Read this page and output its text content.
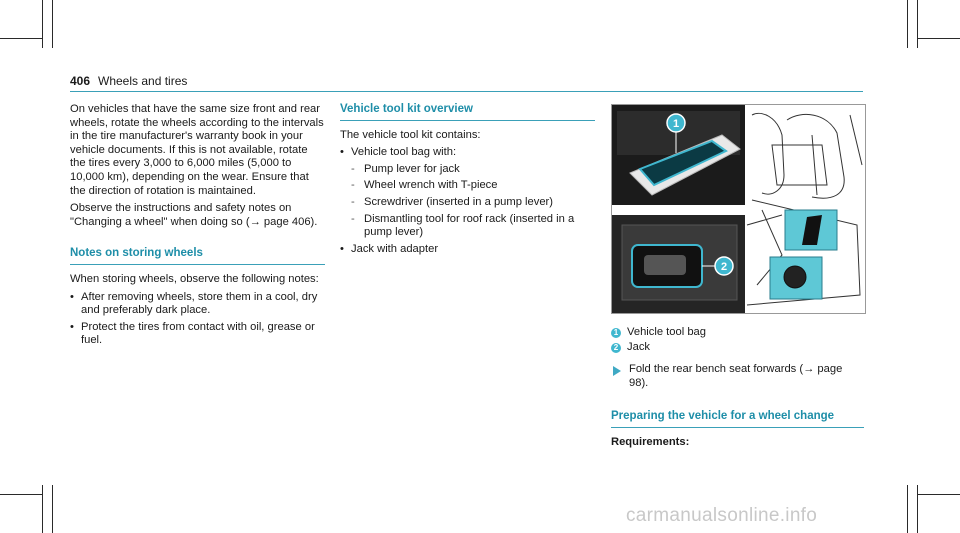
406 Wheels and tires

On vehicles that have the same size front and rear wheels, rotate the wheels according to the intervals in the tire manufacturer's warranty book in your vehicle documents. If this is not available, rotate the tires every 3,000 to 6,000 miles (5,000 to 10,000 km), depending on the wear. Ensure that the direction of rotation is maintained.

Observe the instructions and safety notes on "Changing a wheel" when doing so (→ page 406).

Notes on storing wheels

When storing wheels, observe the following notes:

• After removing wheels, store them in a cool, dry and preferably dark place.
• Protect the tires from contact with oil, grease or fuel.
Vehicle tool kit overview

The vehicle tool kit contains:

• Vehicle tool bag with:
- Pump lever for jack
- Wheel wrench with T-piece
- Screwdriver (inserted in a pump lever)
- Dismantling tool for roof rack (inserted in a pump lever)
• Jack with adapter
1
2
1 Vehicle tool bag
2 Jack
Fold the rear bench seat forwards (→ page 98).
Preparing the vehicle for a wheel change
Requirements:
carmanualsonline.info
